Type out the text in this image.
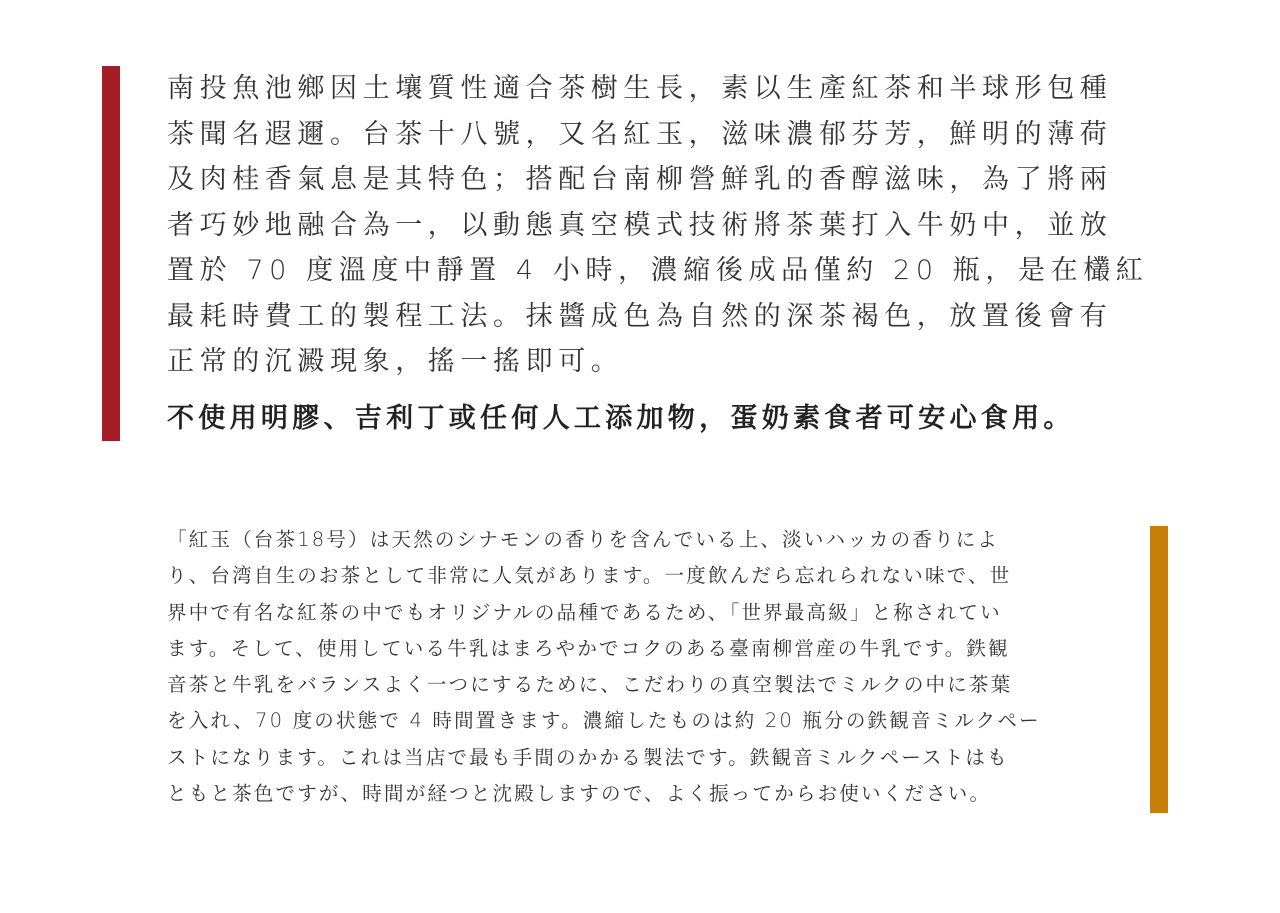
南投魚池鄉因土壤質性適合茶樹生長，素以生產紅茶和半球形包種
茶聞名遐邇。台茶十八號，又名紅玉，滋味濃郁芬芳，鮮明的薄荷
及肉桂香氣息是其特色；搭配台南柳營鮮乳的香醇滋味，為了將兩
者巧妙地融合為一，以動態真空模式技術將茶葉打入牛奶中，並放
置於 70 度溫度中靜置 4 小時，濃縮後成品僅約 20 瓶，是在欉紅
最耗時費工的製程工法。抹醬成色為自然的深茶褐色，放置後會有
正常的沉澱現象，搖一搖即可。

不使用明膠、吉利丁或任何人工添加物，蛋奶素食者可安心食用。

「紅玉（台茶18号）は天然のシナモンの香りを含んでいる上、淡いハッカの香りによ
り、台湾自生のお茶として非常に人気があります。一度飲んだら忘れられない味で、世
界中で有名な紅茶の中でもオリジナルの品種であるため、「世界最高級」と称されてい
ます。そして、使用している牛乳はまろやかでコクのある臺南柳営産の牛乳です。鉄観
音茶と牛乳をバランスよく一つにするために、こだわりの真空製法でミルクの中に茶葉
を入れ、70 度の状態で 4 時間置きます。濃縮したものは約 20 瓶分の鉄観音ミルクペー
ストになります。これは当店で最も手間のかかる製法です。鉄観音ミルクペーストはも
ともと茶色ですが、時間が経つと沈殿しますので、よく振ってからお使いください。
